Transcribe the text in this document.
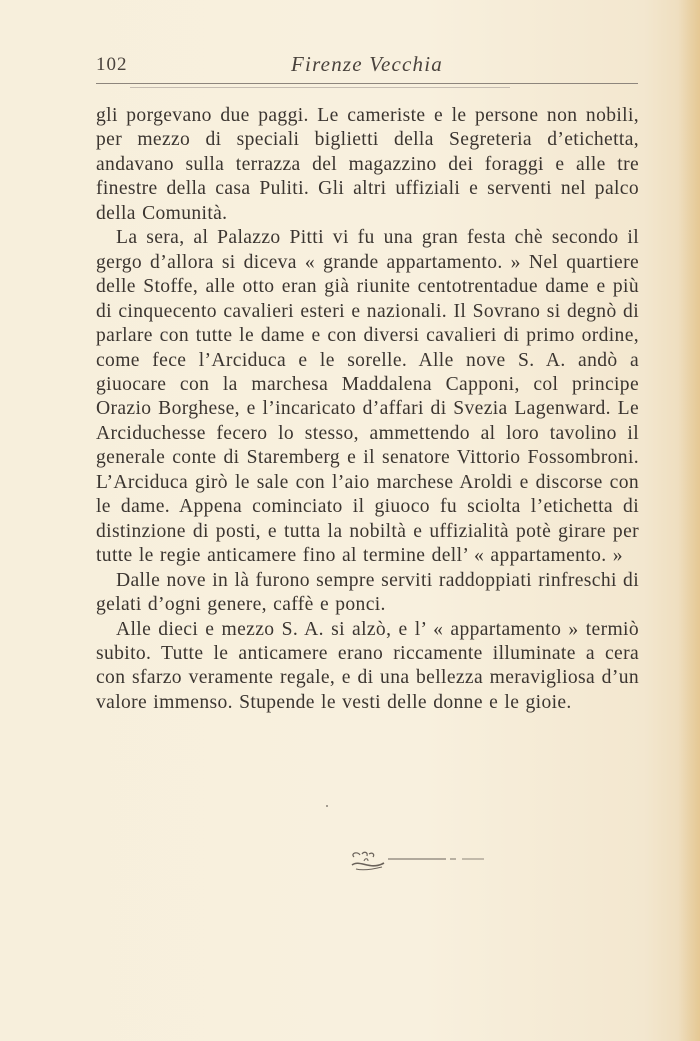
102	Firenze Vecchia

gli porgevano due paggi. Le cameriste e le persone non nobili, per mezzo di speciali biglietti della Segreteria d’etichetta, andavano sulla terrazza del magazzino dei foraggi e alle tre finestre della casa Puliti. Gli altri uffiziali e serventi nel palco della Comunità.

La sera, al Palazzo Pitti vi fu una gran festa chè secondo il gergo d’allora si diceva « grande appartamento. » Nel quartiere delle Stoffe, alle otto eran già riunite centotrentadue dame e più di cinquecento cavalieri esteri e nazionali. Il Sovrano si degnò di parlare con tutte le dame e con diversi cavalieri di primo ordine, come fece l’Arciduca e le sorelle. Alle nove S. A. andò a giuocare con la marchesa Maddalena Capponi, col principe Orazio Borghese, e l’incaricato d’affari di Svezia Lagenward. Le Arciduchesse fecero lo stesso, ammettendo al loro tavolino il generale conte di Staremberg e il senatore Vittorio Fossombroni. L’Arciduca girò le sale con l’aio marchese Aroldi e discorse con le dame. Appena cominciato il giuoco fu sciolta l’etichetta di distinzione di posti, e tutta la nobiltà e uffizialità potè girare per tutte le regie anticamere fino al termine dell’ « appartamento. »

Dalle nove in là furono sempre serviti raddoppiati rinfreschi di gelati d’ogni genere, caffè e ponci.

Alle dieci e mezzo S. A. si alzò, e l’ « appartamento » termiò subito. Tutte le anticamere erano riccamente illuminate a cera con sfarzo veramente regale, e di una bellezza meravigliosa d’un valore immenso. Stupende le vesti delle donne e le gioie.
